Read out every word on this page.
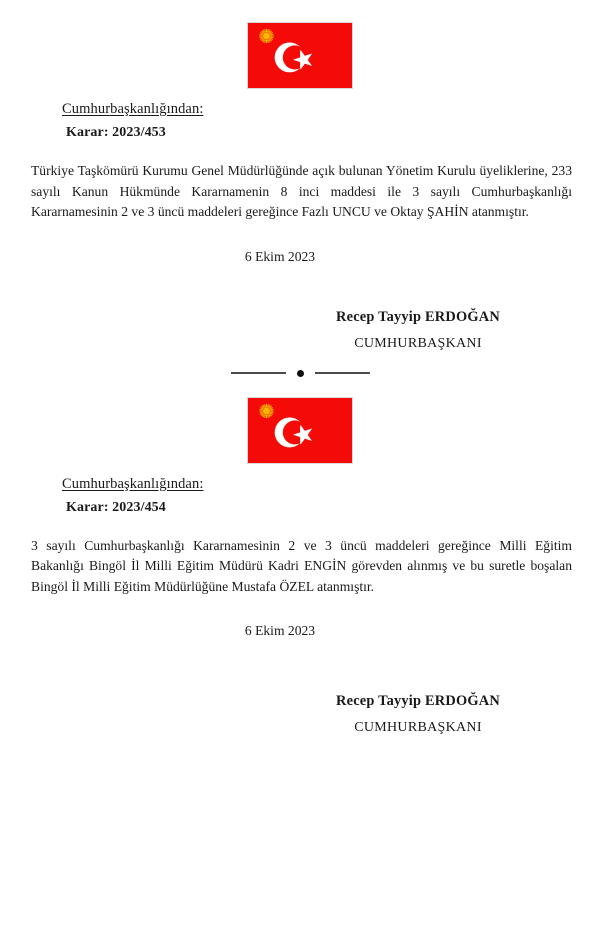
Cumhurbaşkanlığından:
Karar: 2023/453
Türkiye Taşkömürü Kurumu Genel Müdürlüğünde açık bulunan Yönetim Kurulu üyeliklerine, 233 sayılı Kanun Hükmünde Kararnamenin 8 inci maddesi ile 3 sayılı Cumhurbaşkanlığı Kararnamesinin 2 ve 3 üncü maddeleri gereğince Fazlı UNCU ve Oktay ŞAHİN atanmıştır.
6 Ekim 2023
Recep Tayyip ERDOĞAN
CUMHURBAŞKANI
Cumhurbaşkanlığından:
Karar: 2023/454
3 sayılı Cumhurbaşkanlığı Kararnamesinin 2 ve 3 üncü maddeleri gereğince Milli Eğitim Bakanlığı Bingöl İl Milli Eğitim Müdürü Kadri ENGİN görevden alınmış ve bu suretle boşalan Bingöl İl Milli Eğitim Müdürlüğüne Mustafa ÖZEL atanmıştır.
6 Ekim 2023
Recep Tayyip ERDOĞAN
CUMHURBAŞKANI
